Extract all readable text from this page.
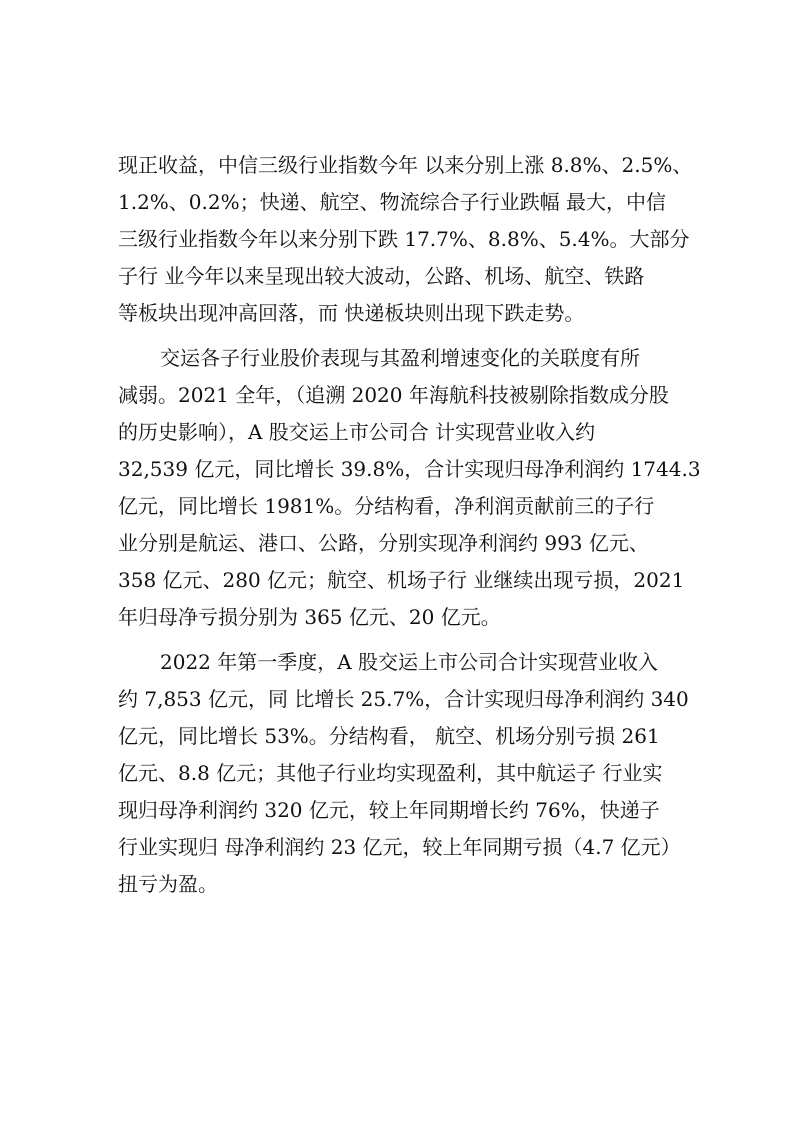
现正收益，中信三级行业指数今年 以来分别上涨 8.8%、2.5%、
1.2%、0.2%；快递、航空、物流综合子行业跌幅 最大，中信
三级行业指数今年以来分别下跌 17.7%、8.8%、5.4%。大部分
子行 业今年以来呈现出较大波动，公路、机场、航空、铁路
等板块出现冲高回落，而 快递板块则出现下跌走势。
交运各子行业股价表现与其盈利增速变化的关联度有所
减弱。2021 全年，（追溯 2020 年海航科技被剔除指数成分股
的历史影响），A 股交运上市公司合 计实现营业收入约
32,539 亿元，同比增长 39.8%，合计实现归母净利润约 1744.3
亿元，同比增长 1981%。分结构看，净利润贡献前三的子行
业分别是航运、港口、公路，分别实现净利润约 993 亿元、
358 亿元、280 亿元；航空、机场子行 业继续出现亏损，2021
年归母净亏损分别为 365 亿元、20 亿元。
2022 年第一季度，A 股交运上市公司合计实现营业收入
约 7,853 亿元，同 比增长 25.7%，合计实现归母净利润约 340
亿元，同比增长 53%。分结构看， 航空、机场分别亏损 261
亿元、8.8 亿元；其他子行业均实现盈利，其中航运子 行业实
现归母净利润约 320 亿元，较上年同期增长约 76%，快递子
行业实现归 母净利润约 23 亿元，较上年同期亏损（4.7 亿元）
扭亏为盈。
